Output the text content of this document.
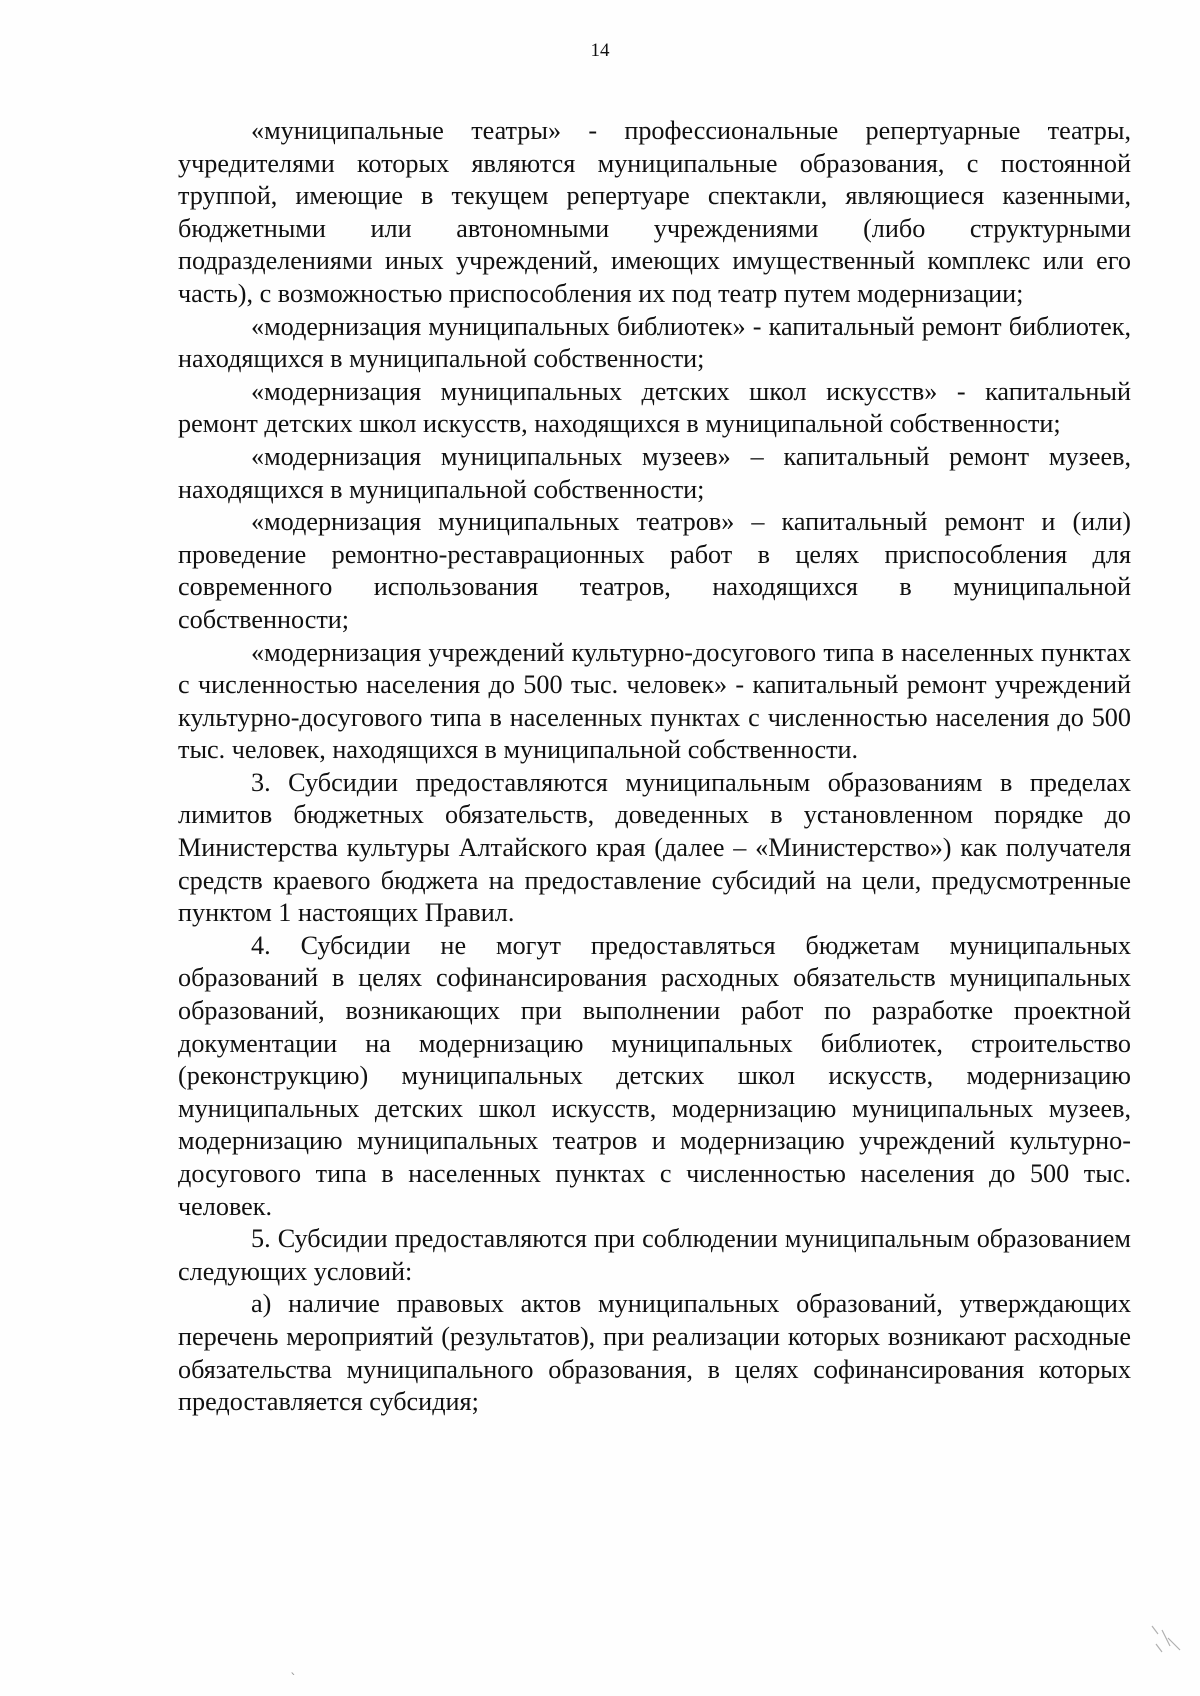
14

«муниципальные театры» - профессиональные репертуарные театры, учредителями которых являются муниципальные образования, с постоянной труппой, имеющие в текущем репертуаре спектакли, являющиеся казенными, бюджетными или автономными учреждениями (либо структурными подразделениями иных учреждений, имеющих имущественный комплекс или его часть), с возможностью приспособления их под театр путем модернизации;

«модернизация муниципальных библиотек» - капитальный ремонт библиотек, находящихся в муниципальной собственности;

«модернизация муниципальных детских школ искусств» - капитальный ремонт детских школ искусств, находящихся в муниципальной собственности;

«модернизация муниципальных музеев» – капитальный ремонт музеев, находящихся в муниципальной собственности;

«модернизация муниципальных театров» – капитальный ремонт и (или) проведение ремонтно-реставрационных работ в целях приспособления для современного использования театров, находящихся в муниципальной собственности;

«модернизация учреждений культурно-досугового типа в населенных пунктах с численностью населения до 500 тыс. человек» - капитальный ремонт учреждений культурно-досугового типа в населенных пунктах с численностью населения до 500 тыс. человек, находящихся в муниципальной собственности.

3. Субсидии предоставляются муниципальным образованиям в пределах лимитов бюджетных обязательств, доведенных в установленном порядке до Министерства культуры Алтайского края (далее – «Министерство») как получателя средств краевого бюджета на предоставление субсидий на цели, предусмотренные пунктом 1 настоящих Правил.

4. Субсидии не могут предоставляться бюджетам муниципальных образований в целях софинансирования расходных обязательств муниципальных образований, возникающих при выполнении работ по разработке проектной документации на модернизацию муниципальных библиотек, строительство (реконструкцию) муниципальных детских школ искусств, модернизацию муниципальных детских школ искусств, модернизацию муниципальных музеев, модернизацию муниципальных театров и модернизацию учреждений культурно-досугового типа в населенных пунктах с численностью населения до 500 тыс. человек.

5. Субсидии предоставляются при соблюдении муниципальным образованием следующих условий:

а) наличие правовых актов муниципальных образований, утверждающих перечень мероприятий (результатов), при реализации которых возникают расходные обязательства муниципального образования, в целях софинансирования которых предоставляется субсидия;

`
